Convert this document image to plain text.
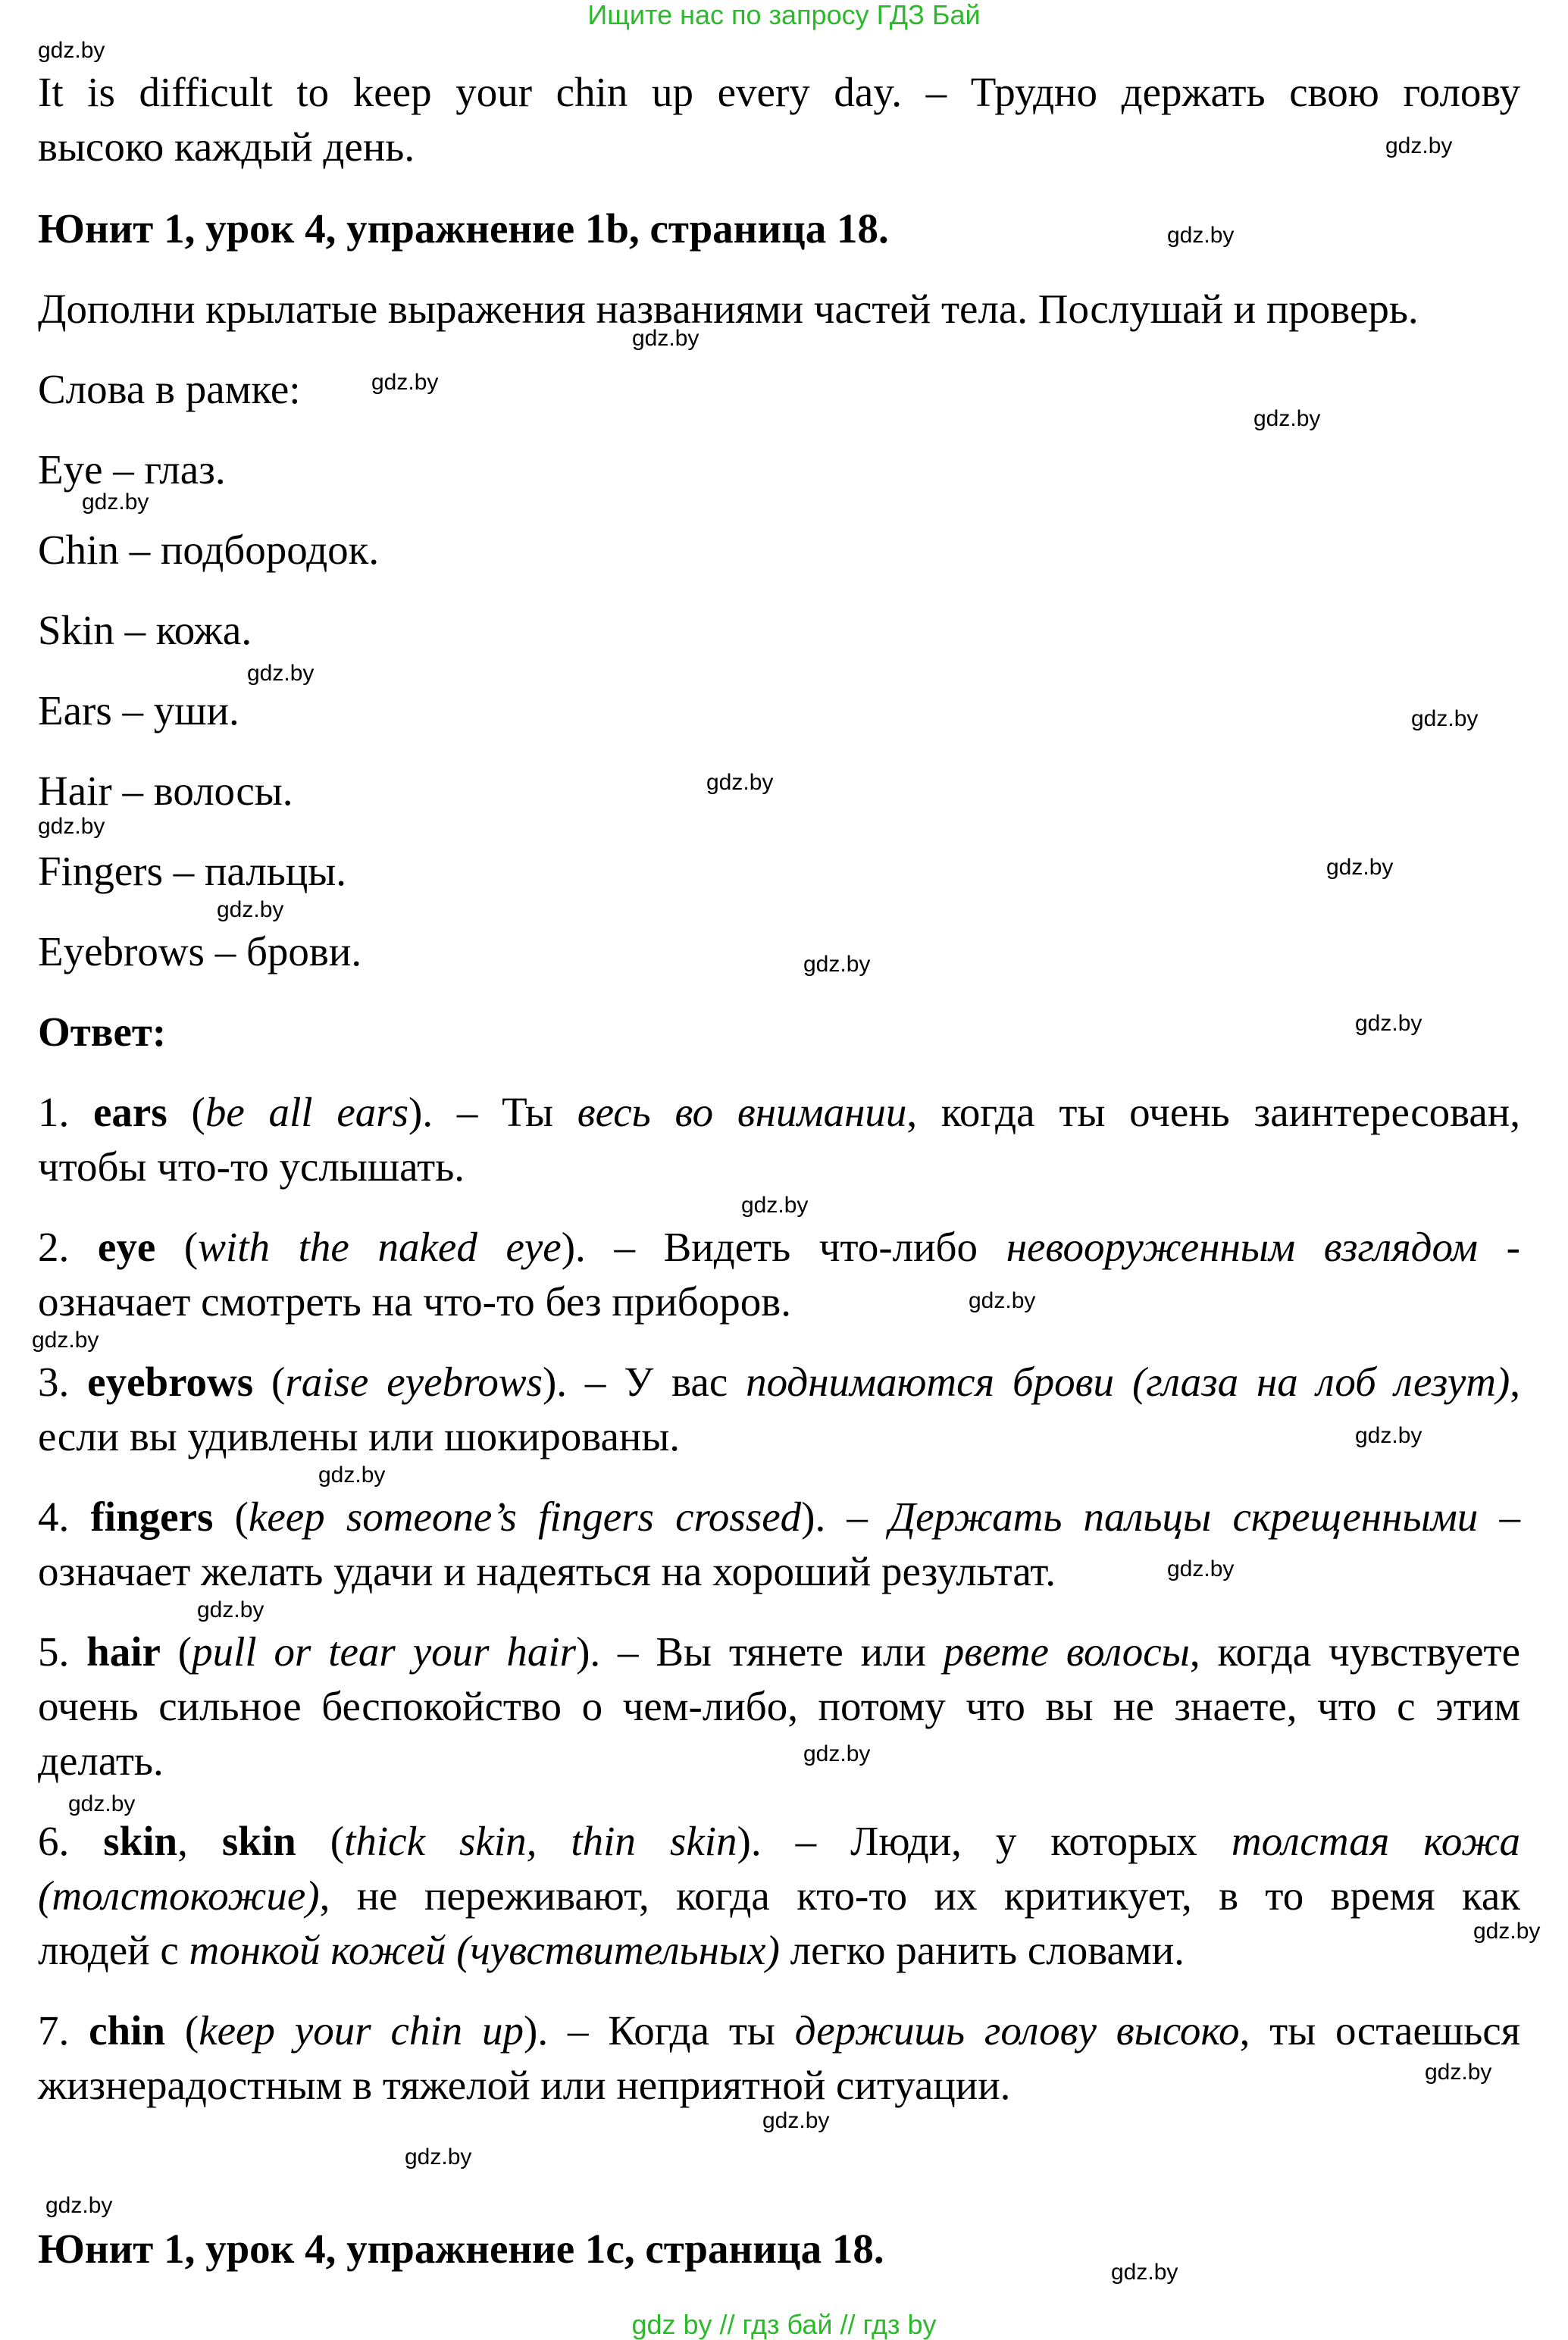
Ищите нас по запросу ГДЗ Бай

It is difficult to keep your chin up every day. – Трудно держать свою голову

высоко каждый день.

Юнит 1, урок 4, упражнение 1b, страница 18.

Дополни крылатые выражения названиями частей тела. Послушай и проверь.

Слова в рамке:

Eye – глаз.

Chin – подбородок.

Skin – кожа.

Ears – уши.

Hair – волосы.

Fingers – пальцы.

Eyebrows – брови.

Ответ:

1. ears (be all ears). – Ты весь во внимании, когда ты очень заинтересован,

чтобы что-то услышать.

2. eye (with the naked eye). – Видеть что-либо невооруженным взглядом -

означает смотреть на что-то без приборов.

3. eyebrows (raise eyebrows). – У вас поднимаются брови (глаза на лоб лезут),

если вы удивлены или шокированы.

4. fingers (keep someone’s fingers crossed). – Держать пальцы скрещенными –

означает желать удачи и надеяться на хороший результат.

5. hair (pull or tear your hair). – Вы тянете или рвете волосы, когда чувствуете

очень сильное беспокойство о чем-либо, потому что вы не знаете, что с этим

делать.

6. skin, skin (thick skin, thin skin). – Люди, у которых толстая кожа

(толстокожие), не переживают, когда кто-то их критикует, в то время как

людей с тонкой кожей (чувствительных) легко ранить словами.

7. chin (keep your chin up). – Когда ты держишь голову высоко, ты остаешься

жизнерадостным в тяжелой или неприятной ситуации.

Юнит 1, урок 4, упражнение 1c, страница 18.

gdz.by
gdz.by
gdz.by
gdz.by
gdz.by
gdz.by
gdz.by
gdz.by
gdz.by
gdz.by
gdz.by
gdz.by
gdz.by
gdz.by
gdz.by
gdz.by
gdz.by
gdz.by
gdz.by
gdz.by
gdz.by
gdz.by
gdz.by
gdz.by
gdz.by
gdz.by
gdz.by
gdz.by
gdz.by
gdz.by
gdz by // гдз бай // гдз by
